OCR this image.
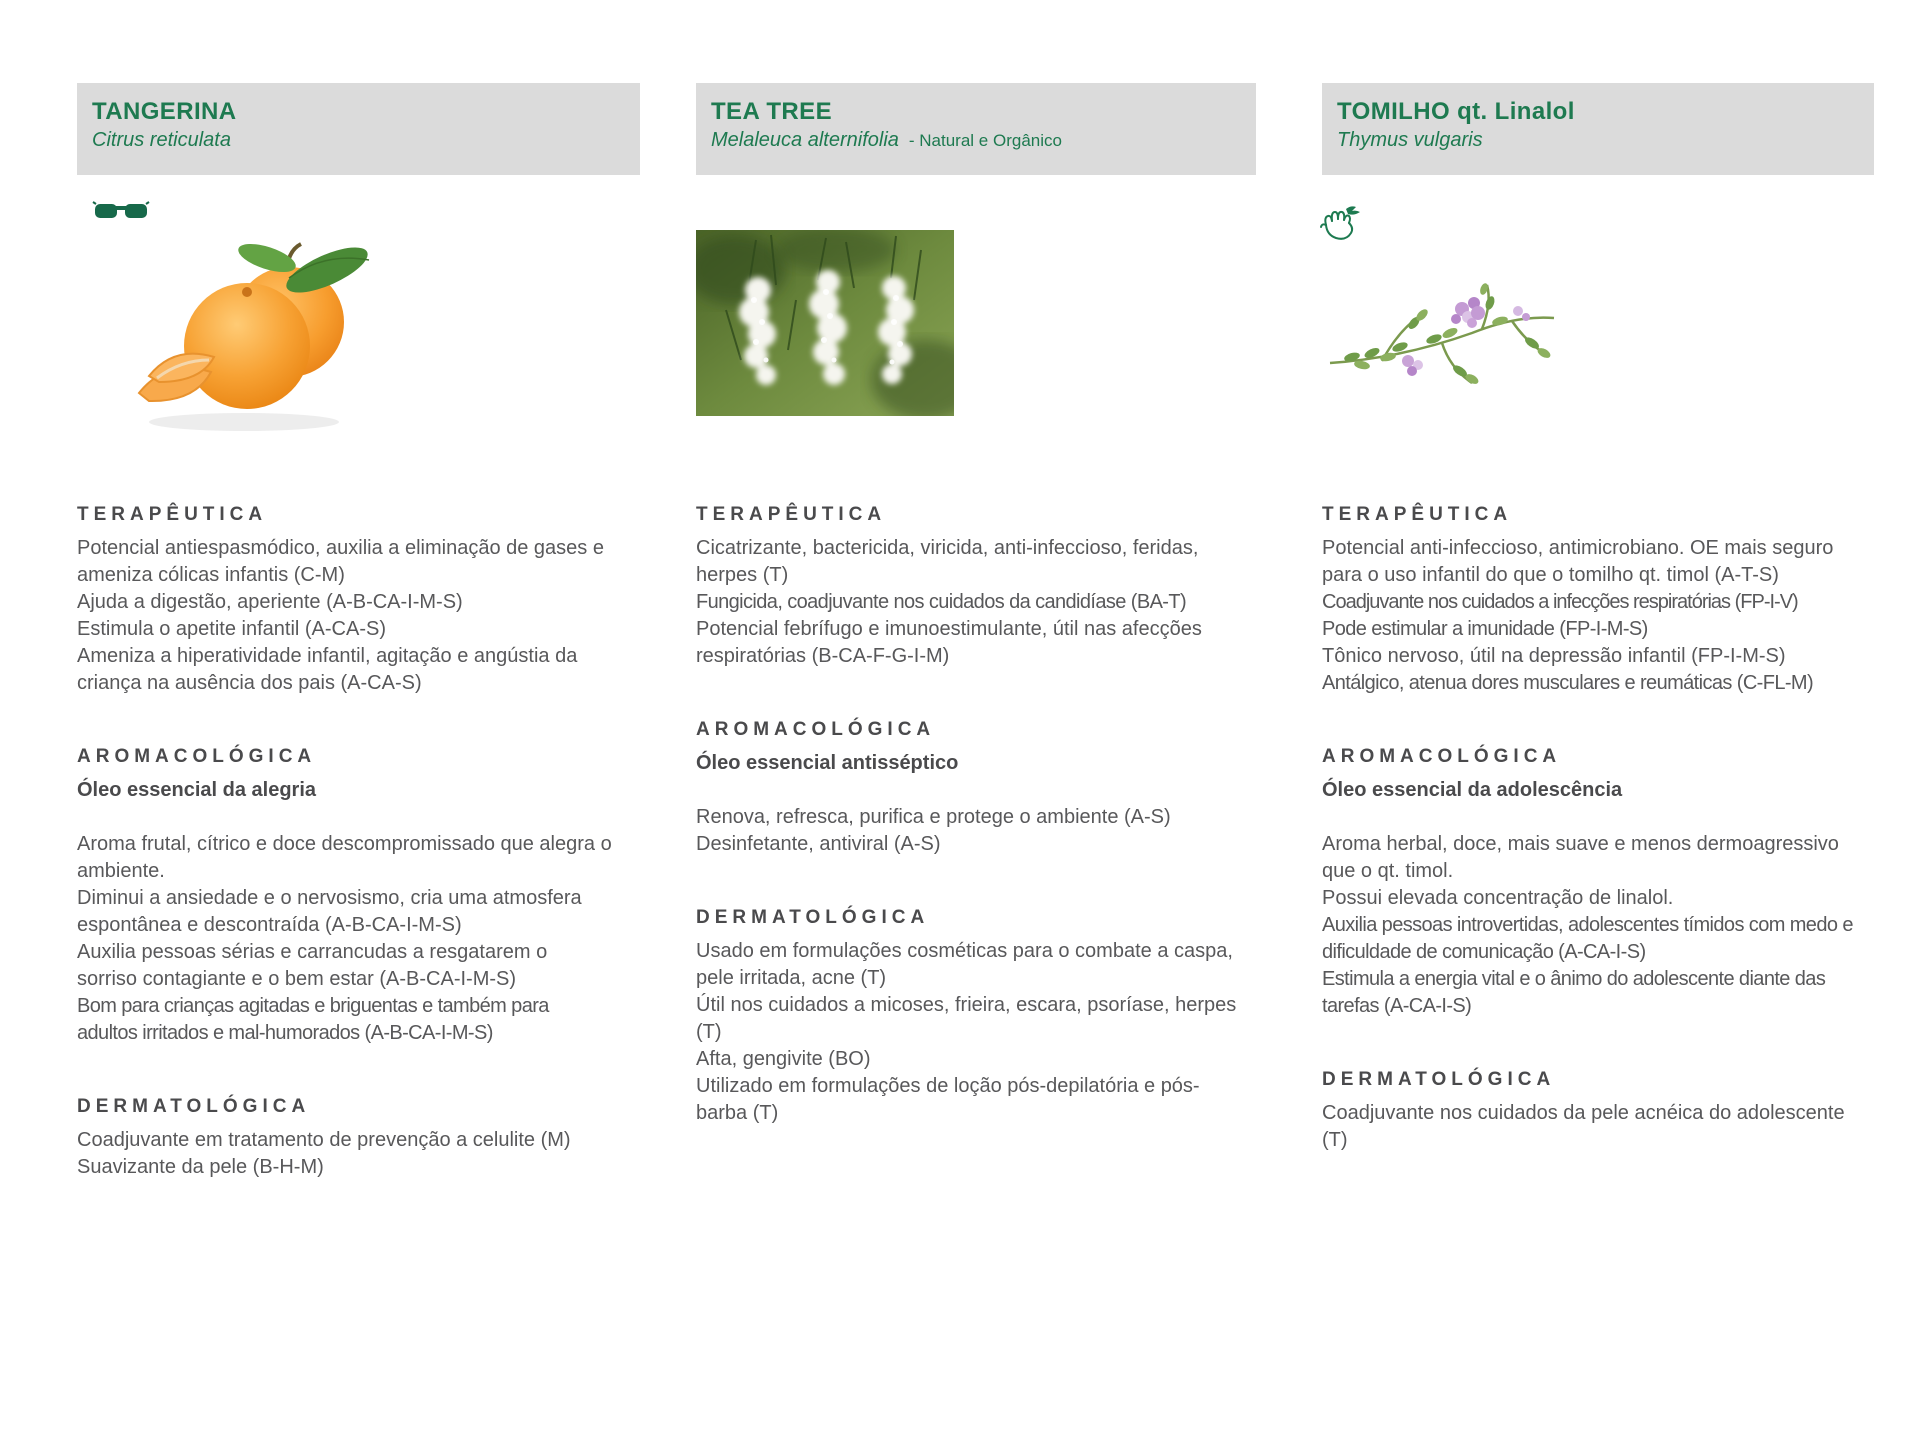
TANGERINA
Citrus reticulata
TERAPÊUTICA

Potencial antiespasmódico, auxilia a eliminação de gases e ameniza cólicas infantis (C-M)

Ajuda a digestão, aperiente (A-B-CA-I-M-S)

Estimula o apetite infantil (A-CA-S)

Ameniza a hiperatividade infantil, agitação e angústia da criança na ausência dos pais (A-CA-S)

AROMACOLÓGICA

Óleo essencial da alegria

Aroma frutal, cítrico e doce descompromissado que alegra o ambiente.

Diminui a ansiedade e o nervosismo, cria uma atmosfera espontânea e descontraída (A-B-CA-I-M-S)

Auxilia pessoas sérias e carrancudas a resgatarem o sorriso contagiante e o bem estar (A-B-CA-I-M-S)

Bom para crianças agitadas e briguentas e também para adultos irritados e mal-humorados (A-B-CA-I-M-S)

DERMATOLÓGICA

Coadjuvante em tratamento de prevenção a celulite (M)

Suavizante da pele (B-H-M)

TEA TREE
Melaleuca alternifolia - Natural e Orgânico
TERAPÊUTICA

Cicatrizante, bactericida, viricida, anti-infeccioso, feridas, herpes (T)

Fungicida, coadjuvante nos cuidados da candidíase (BA-T)

Potencial febrífugo e imunoestimulante, útil nas afecções respiratórias (B-CA-F-G-I-M)

AROMACOLÓGICA

Óleo essencial antisséptico

Renova, refresca, purifica e protege o ambiente (A-S)

Desinfetante, antiviral (A-S)

DERMATOLÓGICA

Usado em formulações cosméticas para o combate a caspa, pele irritada, acne (T)

Útil nos cuidados a micoses, frieira, escara, psoríase, herpes (T)

Afta, gengivite (BO)

Utilizado em formulações de loção pós-depilatória e pós-barba (T)

TOMILHO qt. Linalol
Thymus vulgaris
TERAPÊUTICA

Potencial anti-infeccioso, antimicrobiano. OE mais seguro para o uso infantil do que o tomilho qt. timol (A-T-S)

Coadjuvante nos cuidados a infecções respiratórias (FP-I-V)

Pode estimular a imunidade (FP-I-M-S)

Tônico nervoso, útil na depressão infantil (FP-I-M-S)

Antálgico, atenua dores musculares e reumáticas (C-FL-M)

AROMACOLÓGICA

Óleo essencial da adolescência

Aroma herbal, doce, mais suave e menos dermoagressivo que o qt. timol.

Possui elevada concentração de linalol.

Auxilia pessoas introvertidas, adolescentes tímidos com medo e dificuldade de comunicação (A-CA-I-S)

Estimula a energia vital e o ânimo do adolescente diante das tarefas (A-CA-I-S)

DERMATOLÓGICA

Coadjuvante nos cuidados da pele acnéica do adolescente (T)
